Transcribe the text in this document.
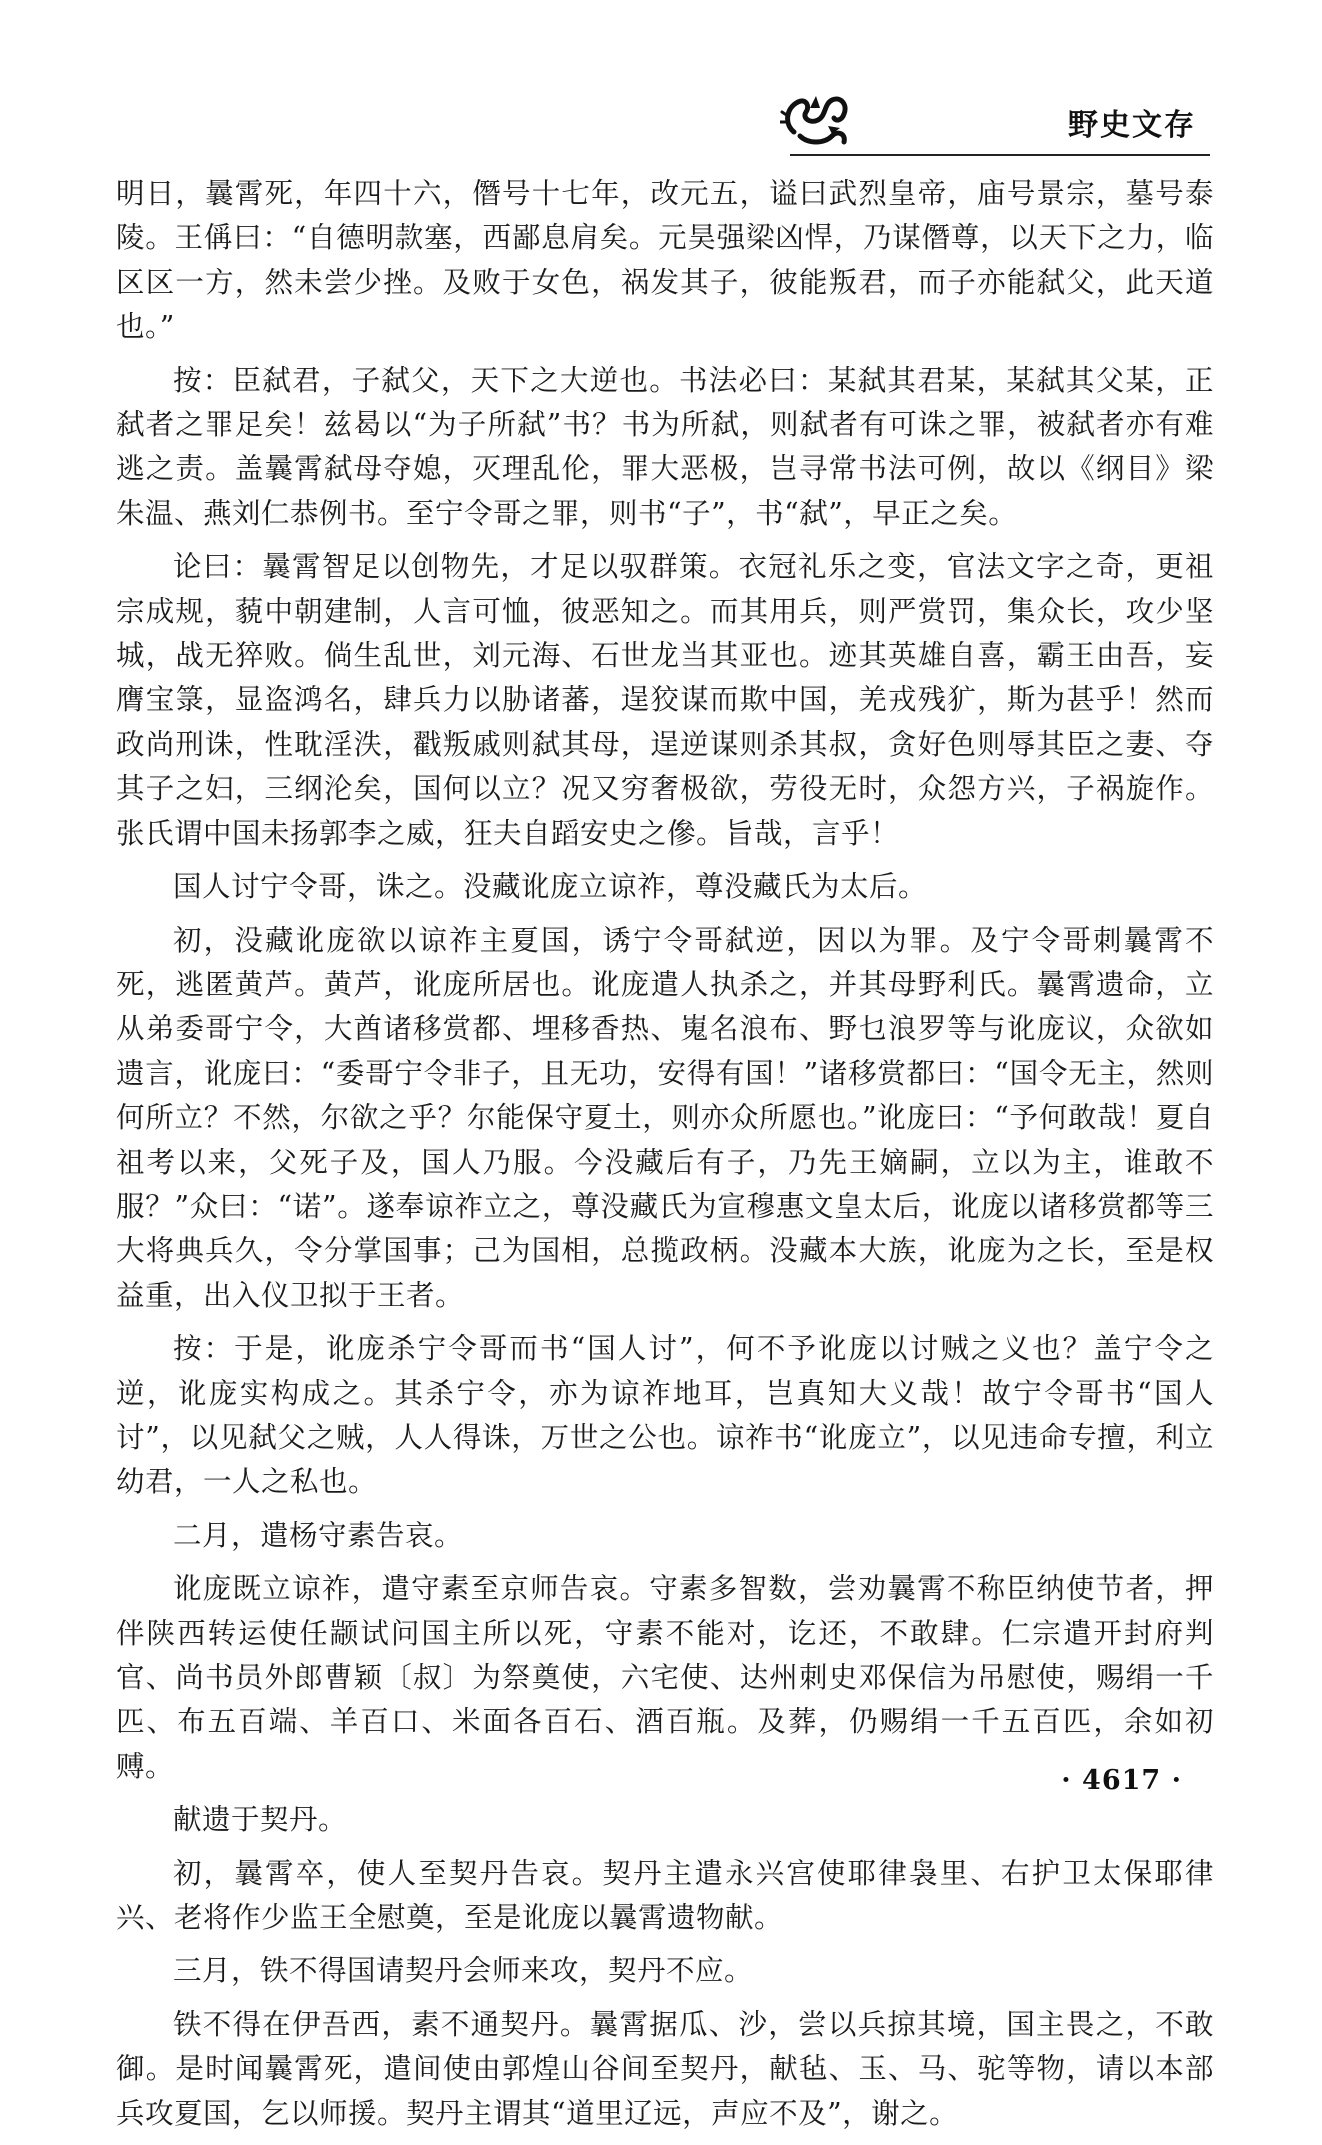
野史文存

明日，曩霄死，年四十六，僭号十七年，改元五，谥曰武烈皇帝，庙号景宗，墓号泰陵。王偁曰：“自德明款塞，西鄙息肩矣。元昊强梁凶悍，乃谋僭尊，以天下之力，临区区一方，然未尝少挫。及败于女色，祸发其子，彼能叛君，而子亦能弑父，此天道也。”

按：臣弑君，子弑父，天下之大逆也。书法必曰：某弑其君某，某弑其父某，正弑者之罪足矣！兹曷以“为子所弑”书？书为所弑，则弑者有可诛之罪，被弑者亦有难逃之责。盖曩霄弑母夺媳，灭理乱伦，罪大恶极，岂寻常书法可例，故以《纲目》梁朱温、燕刘仁恭例书。至宁令哥之罪，则书“子”，书“弑”，早正之矣。

论曰：曩霄智足以创物先，才足以驭群策。衣冠礼乐之变，官法文字之奇，更祖宗成规，藐中朝建制，人言可恤，彼恶知之。而其用兵，则严赏罚，集众长，攻少坚城，战无猝败。倘生乱世，刘元海、石世龙当其亚也。迹其英雄自喜，霸王由吾，妄膺宝箓，显盗鸿名，肆兵力以胁诸蕃，逞狡谋而欺中国，羌戎残犷，斯为甚乎！然而政尚刑诛，性耽淫泆，戳叛戚则弑其母，逞逆谋则杀其叔，贪好色则辱其臣之妻、夺其子之妇，三纲沦矣，国何以立？况又穷奢极欲，劳役无时，众怨方兴，子祸旋作。张氏谓中国未扬郭李之威，狂夫自蹈安史之傪。旨哉，言乎！

国人讨宁令哥，诛之。没藏讹庞立谅祚，尊没藏氏为太后。

初，没藏讹庞欲以谅祚主夏国，诱宁令哥弑逆，因以为罪。及宁令哥刺曩霄不死，逃匿黄芦。黄芦，讹庞所居也。讹庞遣人执杀之，并其母野利氏。曩霄遗命，立从弟委哥宁令，大酋诸移赏都、埋移香热、嵬名浪布、野乜浪罗等与讹庞议，众欲如遗言，讹庞曰：“委哥宁令非子，且无功，安得有国！”诸移赏都曰：“国令无主，然则何所立？不然，尔欲之乎？尔能保守夏土，则亦众所愿也。”讹庞曰：“予何敢哉！夏自祖考以来，父死子及，国人乃服。今没藏后有子，乃先王嫡嗣，立以为主，谁敢不服？”众曰：“诺”。遂奉谅祚立之，尊没藏氏为宣穆惠文皇太后，讹庞以诸移赏都等三大将典兵久，令分掌国事；己为国相，总揽政柄。没藏本大族，讹庞为之长，至是权益重，出入仪卫拟于王者。

按：于是，讹庞杀宁令哥而书“国人讨”，何不予讹庞以讨贼之义也？盖宁令之逆，讹庞实构成之。其杀宁令，亦为谅祚地耳，岂真知大义哉！故宁令哥书“国人讨”，以见弑父之贼，人人得诛，万世之公也。谅祚书“讹庞立”，以见违命专擅，利立幼君，一人之私也。

二月，遣杨守素告哀。

讹庞既立谅祚，遣守素至京师告哀。守素多智数，尝劝曩霄不称臣纳使节者，押伴陕西转运使任颛试问国主所以死，守素不能对，讫还，不敢肆。仁宗遣开封府判官、尚书员外郎曹颖〔叔〕为祭奠使，六宅使、达州刺史邓保信为吊慰使，赐绢一千匹、布五百端、羊百口、米面各百石、酒百瓶。及葬，仍赐绢一千五百匹，余如初赙。

献遗于契丹。

初，曩霄卒，使人至契丹告哀。契丹主遣永兴宫使耶律袅里、右护卫太保耶律兴、老将作少监王全慰奠，至是讹庞以曩霄遗物献。

三月，铁不得国请契丹会师来攻，契丹不应。

铁不得在伊吾西，素不通契丹。曩霄据瓜、沙，尝以兵掠其境，国主畏之，不敢御。是时闻曩霄死，遣间使由郭煌山谷间至契丹，献毡、玉、马、驼等物，请以本部兵攻夏国，乞以师援。契丹主谓其“道里辽远，声应不及”，谢之。

· 4617 ·
